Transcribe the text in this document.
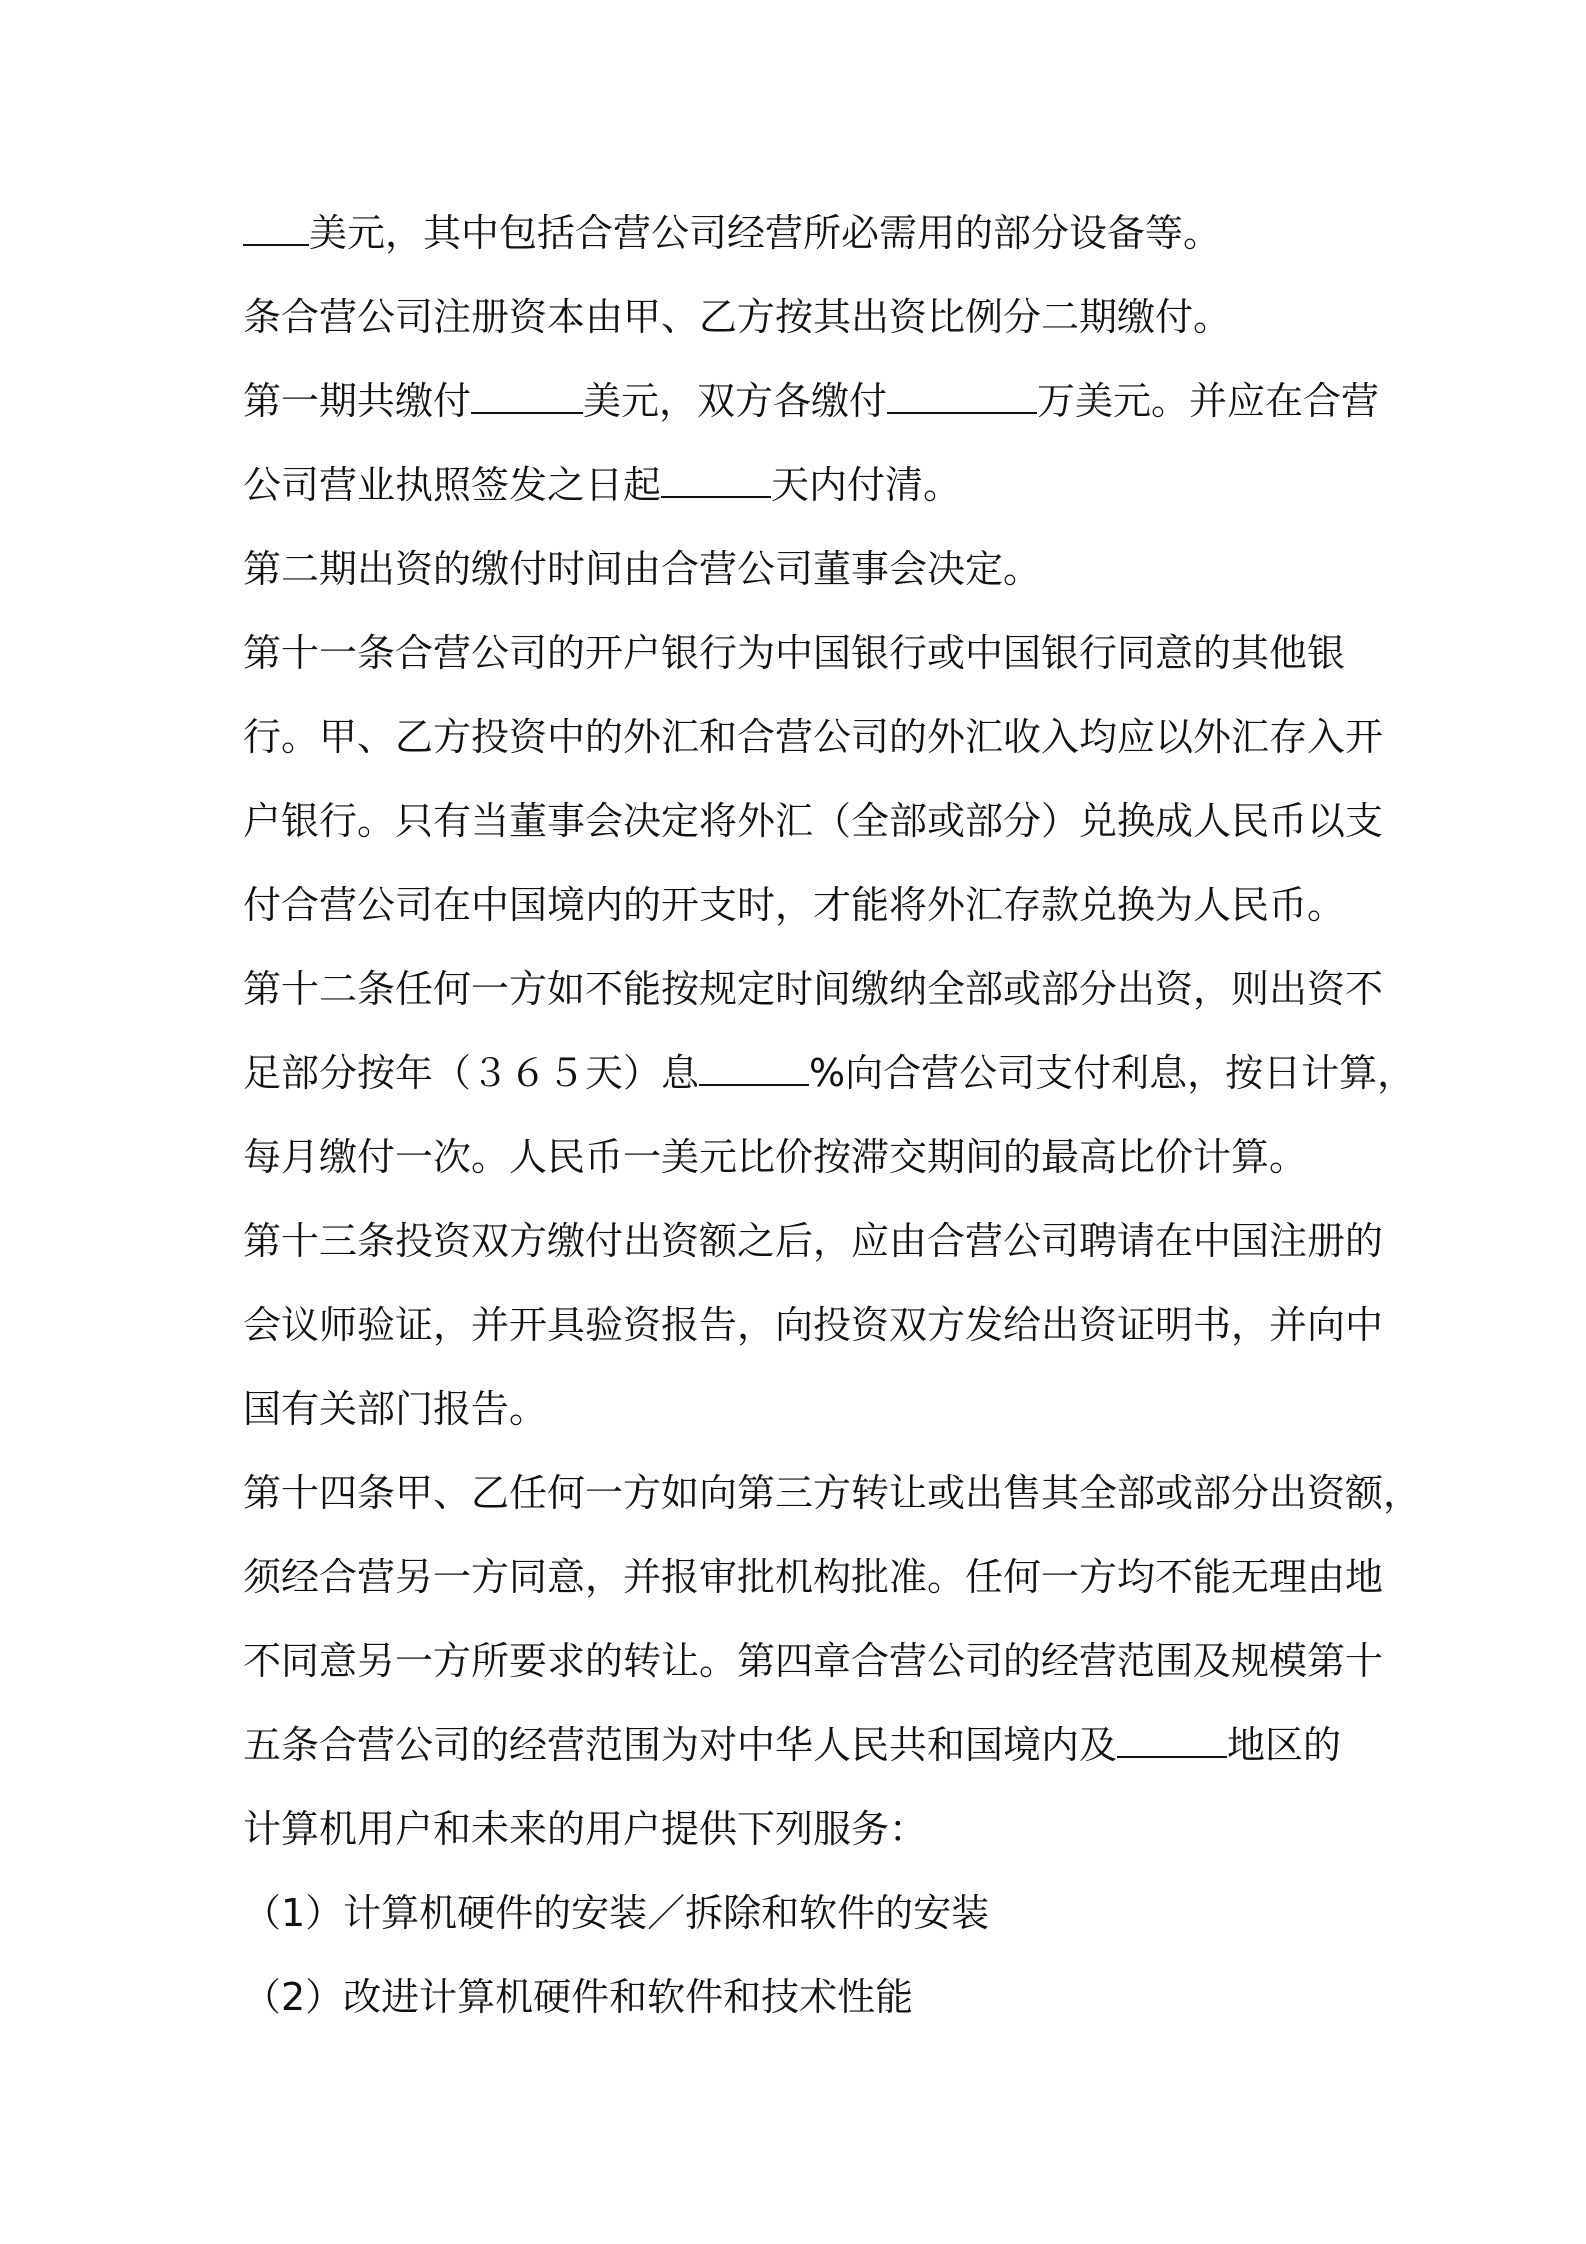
美元，其中包括合营公司经营所必需用的部分设备等。
条合营公司注册资本由甲、乙方按其出资比例分二期缴付。
第一期共缴付	美元，双方各缴付	万美元。并应在合营
公司营业执照签发之日起	天内付清。
第二期出资的缴付时间由合营公司董事会决定。
第十一条合营公司的开户银行为中国银行或中国银行同意的其他银
行。甲、乙方投资中的外汇和合营公司的外汇收入均应以外汇存入开
户银行。只有当董事会决定将外汇（全部或部分）兑换成人民币以支
付合营公司在中国境内的开支时，才能将外汇存款兑换为人民币。
第十二条任何一方如不能按规定时间缴纳全部或部分出资，则出资不
足部分按年（３６５天）息	%向合营公司支付利息，按日计算，
每月缴付一次。人民币一美元比价按滞交期间的最高比价计算。
第十三条投资双方缴付出资额之后，应由合营公司聘请在中国注册的
会议师验证，并开具验资报告，向投资双方发给出资证明书，并向中
国有关部门报告。
第十四条甲、乙任何一方如向第三方转让或出售其全部或部分出资额，
须经合营另一方同意，并报审批机构批准。任何一方均不能无理由地
不同意另一方所要求的转让。第四章合营公司的经营范围及规模第十
五条合营公司的经营范围为对中华人民共和国境内及	地区的
计算机用户和未来的用户提供下列服务：
（1）计算机硬件的安装／拆除和软件的安装
（2）改进计算机硬件和软件和技术性能
